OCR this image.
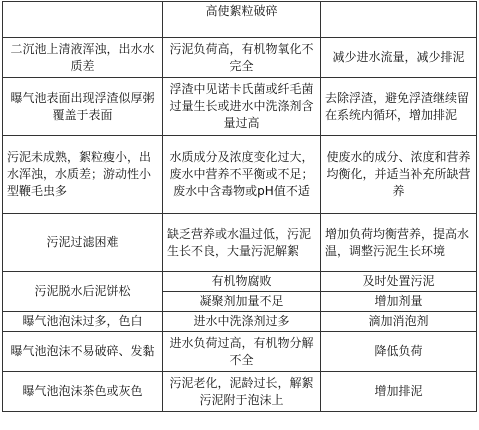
	高使絮粒破碎	
二沉池上清液浑浊，出水水质差	污泥负荷高，有机物氧化不完全	减少进水流量，减少排泥
曝气池表面出现浮渣似厚粥覆盖于表面	浮渣中见诺卡氏菌或纤毛菌过量生长或进水中洗涤剂含量过高	去除浮渣，避免浮渣继续留在系统内循环，增加排泥
污泥未成熟，絮粒瘦小，出水浑浊，水质差；游动性小型鞭毛虫多	水质成分及浓度变化过大，废水中营养不平衡或不足；废水中含毒物或pH值不适	使废水的成分、浓度和营养均衡化，并适当补充所缺营养
污泥过滤困难	缺乏营养或水温过低，污泥生长不良，大量污泥解絮	增加负荷均衡营养，提高水温，调整污泥生长环境
污泥脱水后泥饼松	有机物腐败	及时处置污泥
	凝聚剂加量不足	增加剂量
曝气池泡沫过多，色白	进水中洗涤剂过多	滴加消泡剂
曝气池泡沫不易破碎、发黏	进水负荷过高，有机物分解不全	降低负荷
曝气池泡沫茶色或灰色	污泥老化，泥龄过长，解絮污泥附于泡沫上	增加排泥
